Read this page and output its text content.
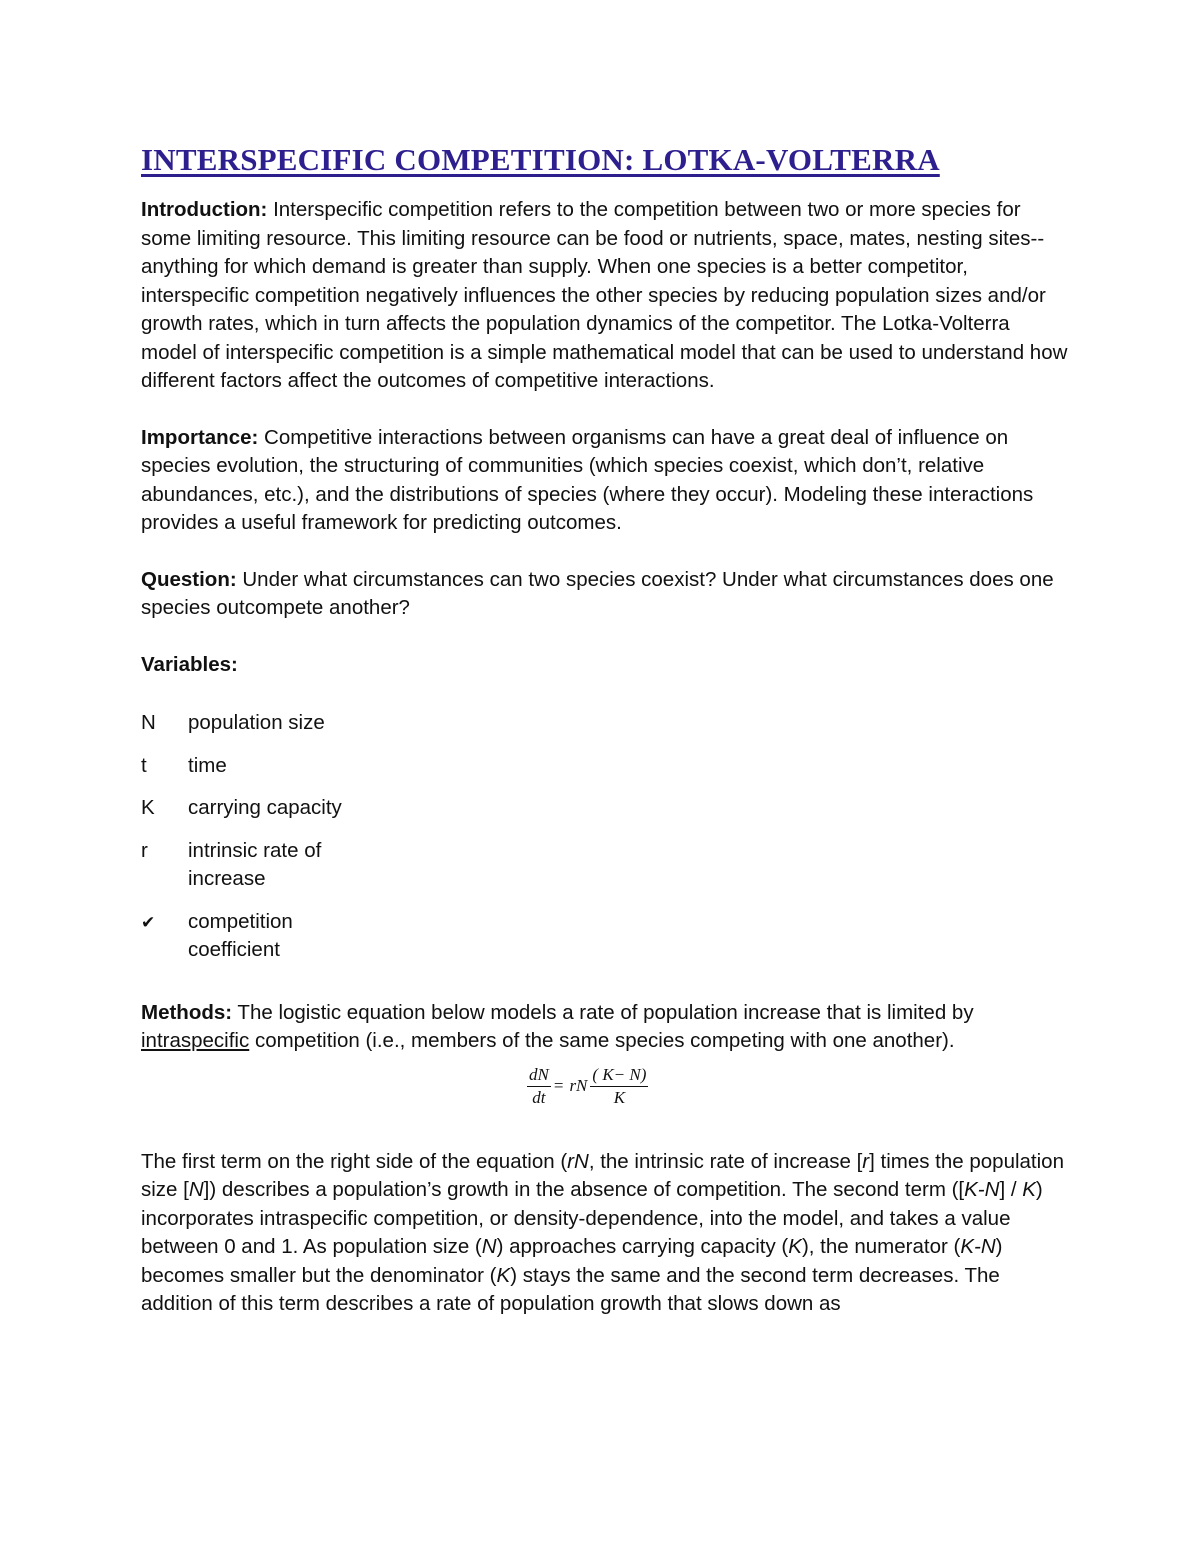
INTERSPECIFIC COMPETITION: LOTKA-VOLTERRA

Introduction: Interspecific competition refers to the competition between two or more species for some limiting resource. This limiting resource can be food or nutrients, space, mates, nesting sites-- anything for which demand is greater than supply. When one species is a better competitor, interspecific competition negatively influences the other species by reducing population sizes and/or growth rates, which in turn affects the population dynamics of the competitor. The Lotka-Volterra model of interspecific competition is a simple mathematical model that can be used to understand how different factors affect the outcomes of competitive interactions.

Importance: Competitive interactions between organisms can have a great deal of influence on species evolution, the structuring of communities (which species coexist, which don’t, relative abundances, etc.), and the distributions of species (where they occur). Modeling these interactions provides a useful framework for predicting outcomes.

Question: Under what circumstances can two species coexist? Under what circumstances does one species outcompete another?

Variables:
N	population size
t	time
K	carrying capacity
r	intrinsic rate of increase
✔	competition coefficient

Methods: The logistic equation below models a rate of population increase that is limited by intraspecific competition (i.e., members of the same species competing with one another).

$\frac{dN}{dt}$ = rN $\frac{( K- N)}{K}$

The first term on the right side of the equation (rN, the intrinsic rate of increase [r] times the population size [N]) describes a population’s growth in the absence of competition. The second term ([K-N] / K) incorporates intraspecific competition, or density-dependence, into the model, and takes a value between 0 and 1. As population size (N) approaches carrying capacity (K), the numerator (K-N) becomes smaller but the denominator (K) stays the same and the second term decreases. The addition of this term describes a rate of population growth that slows down as
